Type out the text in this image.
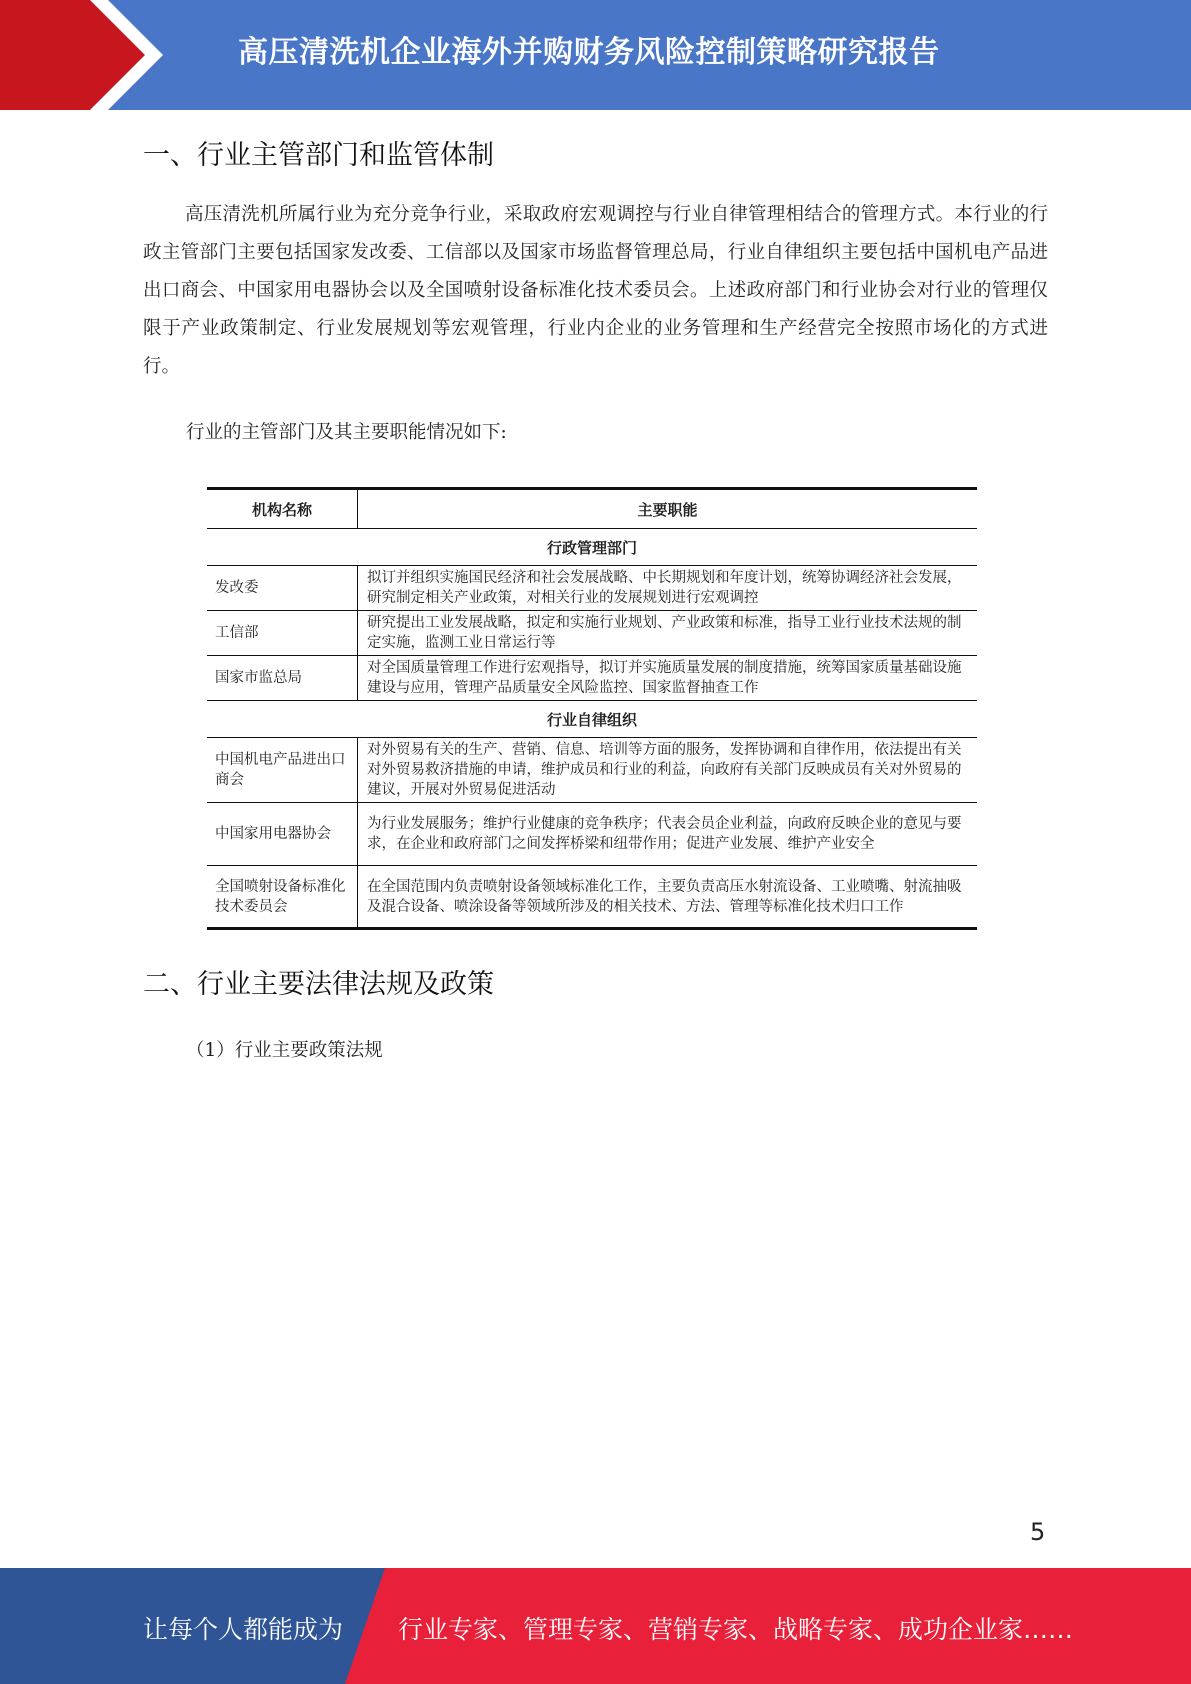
高压清洗机企业海外并购财务风险控制策略研究报告
一、行业主管部门和监管体制
高压清洗机所属行业为充分竞争行业，采取政府宏观调控与行业自律管理相结合的管理方式。本行业的行政主管部门主要包括国家发改委、工信部以及国家市场监督管理总局，行业自律组织主要包括中国机电产品进出口商会、中国家用电器协会以及全国喷射设备标准化技术委员会。上述政府部门和行业协会对行业的管理仅限于产业政策制定、行业发展规划等宏观管理，行业内企业的业务管理和生产经营完全按照市场化的方式进行。
行业的主管部门及其主要职能情况如下:
机构名称	主要职能
行政管理部门	
发改委	拟订并组织实施国民经济和社会发展战略、中长期规划和年度计划，统筹协调经济社会发展，研究制定相关产业政策，对相关行业的发展规划进行宏观调控
工信部	研究提出工业发展战略，拟定和实施行业规划、产业政策和标准，指导工业行业技术法规的制定实施，监测工业日常运行等
国家市监总局	对全国质量管理工作进行宏观指导，拟订并实施质量发展的制度措施，统筹国家质量基础设施建设与应用，管理产品质量安全风险监控、国家监督抽查工作
行业自律组织	
中国机电产品进出口商会	对外贸易有关的生产、营销、信息、培训等方面的服务，发挥协调和自律作用，依法提出有关对外贸易救济措施的申请，维护成员和行业的利益，向政府有关部门反映成员有关对外贸易的建议，开展对外贸易促进活动
中国家用电器协会	为行业发展服务；维护行业健康的竞争秩序；代表会员企业利益，向政府反映企业的意见与要求，在企业和政府部门之间发挥桥梁和纽带作用；促进产业发展、维护产业安全
全国喷射设备标准化技术委员会	在全国范围内负责喷射设备领域标准化工作，主要负责高压水射流设备、工业喷嘴、射流抽吸及混合设备、喷涂设备等领域所涉及的相关技术、方法、管理等标准化技术归口工作
二、行业主要法律法规及政策
（1）行业主要政策法规
5
让每个人都能成为 行业专家、管理专家、营销专家、战略专家、成功企业家……
